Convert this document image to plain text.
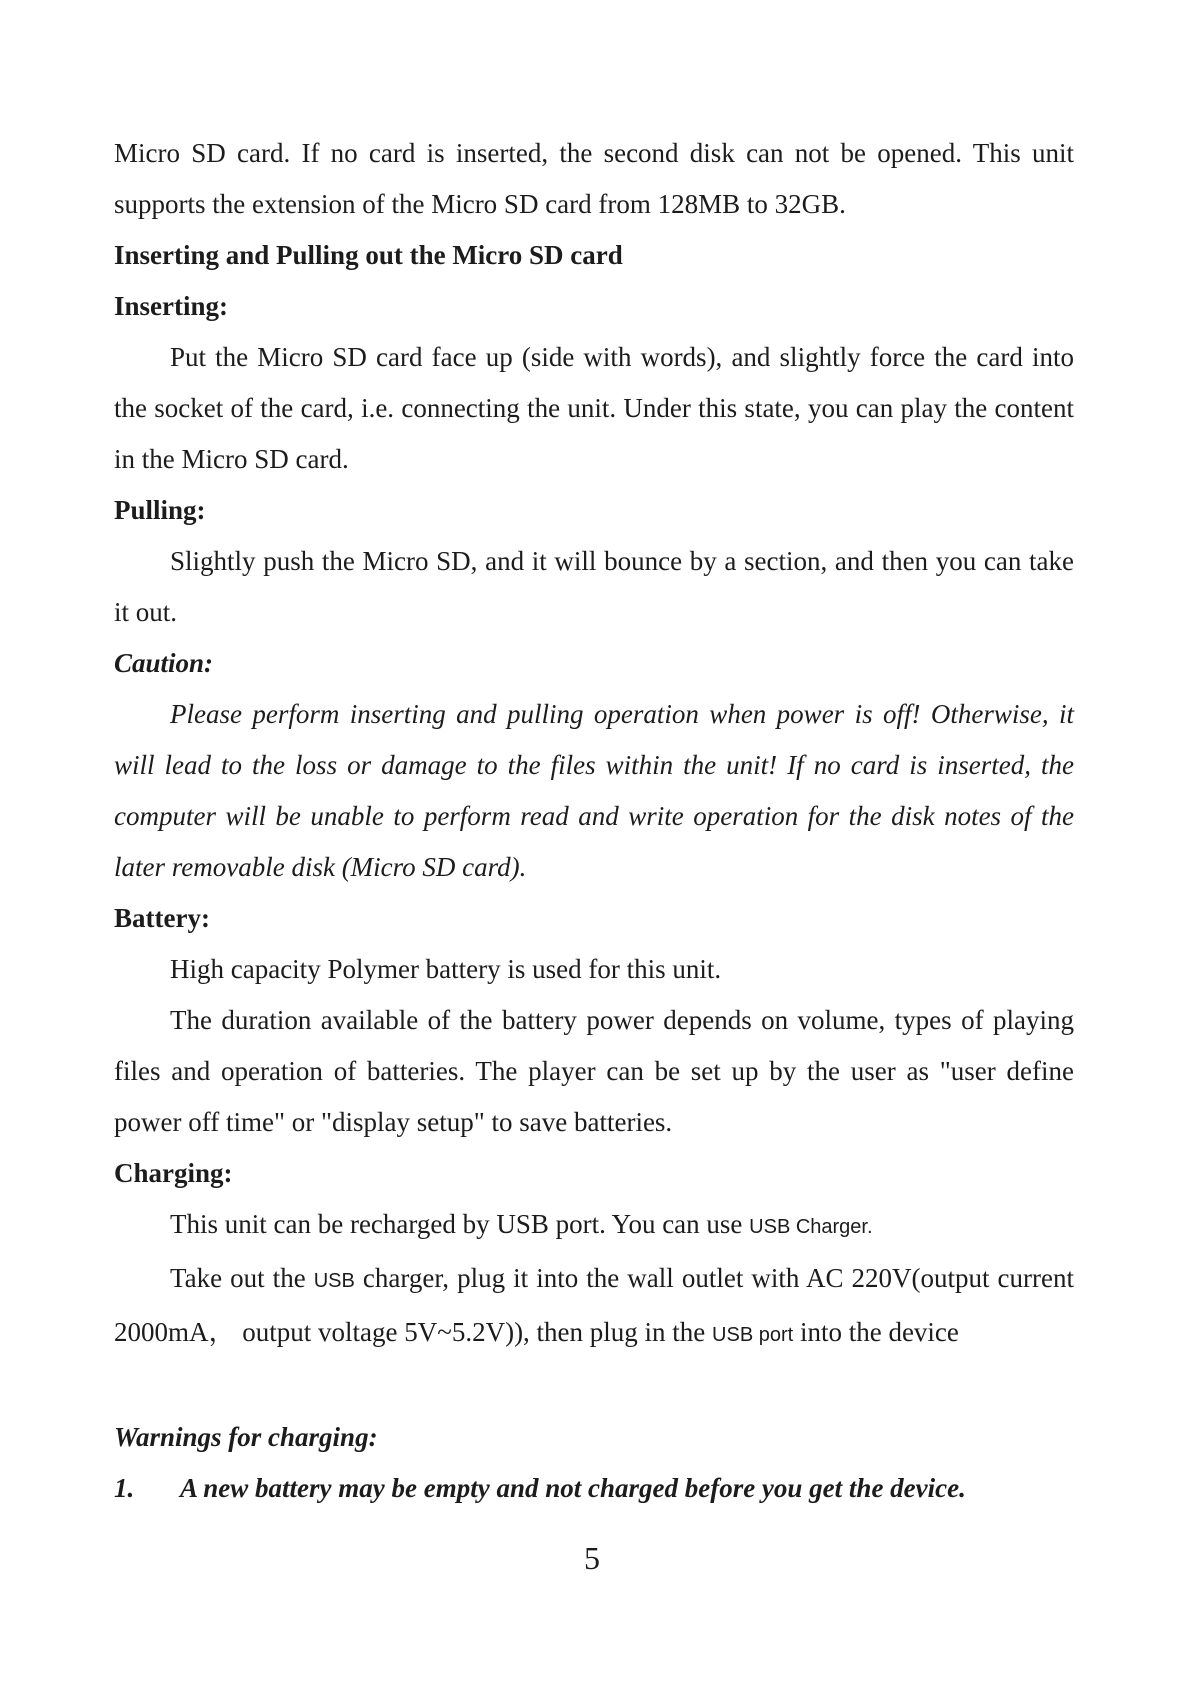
Micro SD card. If no card is inserted, the second disk can not be opened. This unit

supports the extension of the Micro SD card from 128MB to 32GB.

Inserting and Pulling out the Micro SD card

Inserting:

Put the Micro SD card face up (side with words), and slightly force the card into the socket of the card, i.e. connecting the unit. Under this state, you can play the content in the Micro SD card.

Pulling:

Slightly push the Micro SD, and it will bounce by a section, and then you can take it out.

Caution:

Please perform inserting and pulling operation when power is off! Otherwise, it will lead to the loss or damage to the files within the unit! If no card is inserted, the computer will be unable to perform read and write operation for the disk notes of the later removable disk (Micro SD card).

Battery:

High capacity Polymer battery is used for this unit.

The duration available of the battery power depends on volume, types of playing files and operation of batteries. The player can be set up by the user as "user define power off time" or "display setup" to save batteries.

Charging:

This unit can be recharged by USB port. You can use USB Charger.

Take out the USB charger, plug it into the wall outlet with AC 220V(output current 2000mA， output voltage 5V~5.2V)), then plug in the USB port into the device

Warnings for charging:

1.	A new battery may be empty and not charged before you get the device.
5
